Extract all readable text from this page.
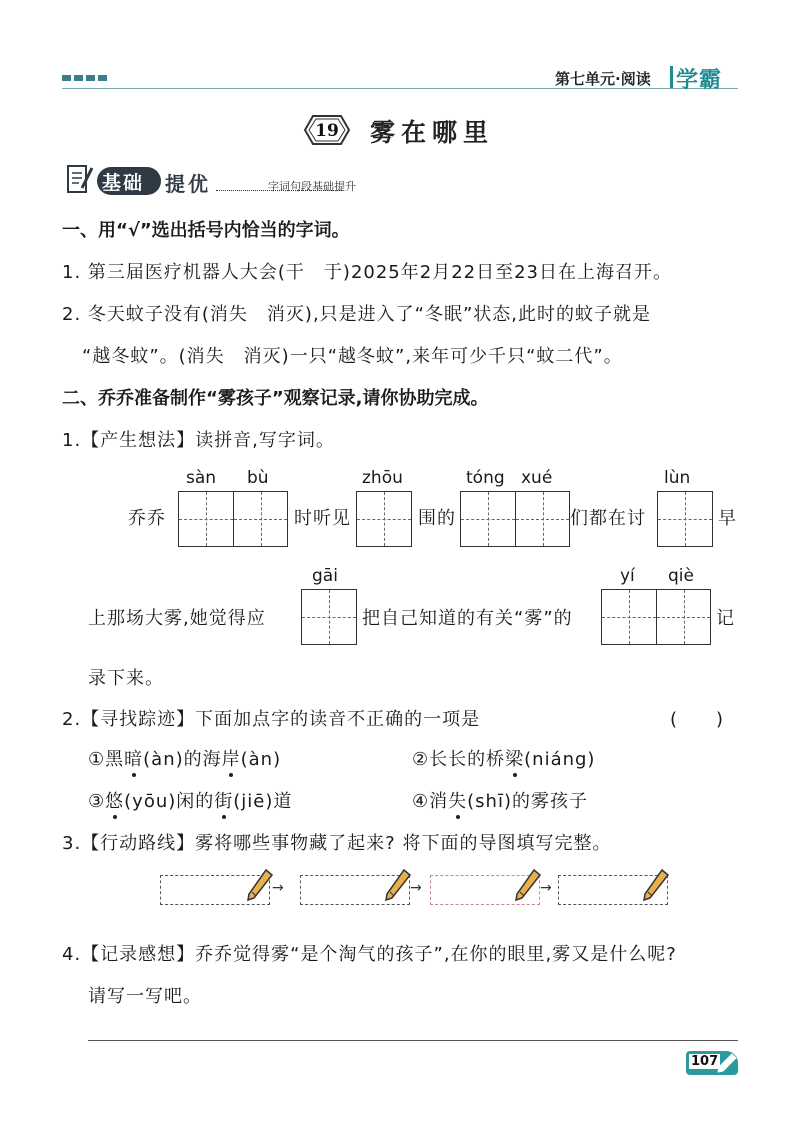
第七单元·阅读 学霸
19 雾在哪里
基础 提优	字词句段基础提升
一、用“√”选出括号内恰当的字词。
1. 第三届医疗机器人大会(干　于)2025年2月22日至23日在上海召开。
2. 冬天蚊子没有(消失　消灭),只是进入了“冬眠”状态,此时的蚊子就是
“越冬蚊”。(消失　消灭)一只“越冬蚊”,来年可少千只“蚊二代”。
二、乔乔准备制作“雾孩子”观察记录,请你协助完成。
1.【产生想法】读拼音,写字词。
sàn bù	zhōu	tóng xué	lùn
乔乔	时听见	围的	们都在讨	早
gāi	yí qiè
上那场大雾,她觉得应	把自己知道的有关“雾”的	记
录下来。
2.【寻找踪迹】下面加点字的读音不正确的一项是	(　　)
①黑暗(àn)的海岸(àn)	②长长的桥梁(niáng)
③悠(yōu)闲的街(jiē)道	④消失(shī)的雾孩子
3.【行动路线】雾将哪些事物藏了起来? 将下面的导图填写完整。
→	→	→
4.【记录感想】乔乔觉得雾“是个淘气的孩子”,在你的眼里,雾又是什么呢?
请写一写吧。
107
